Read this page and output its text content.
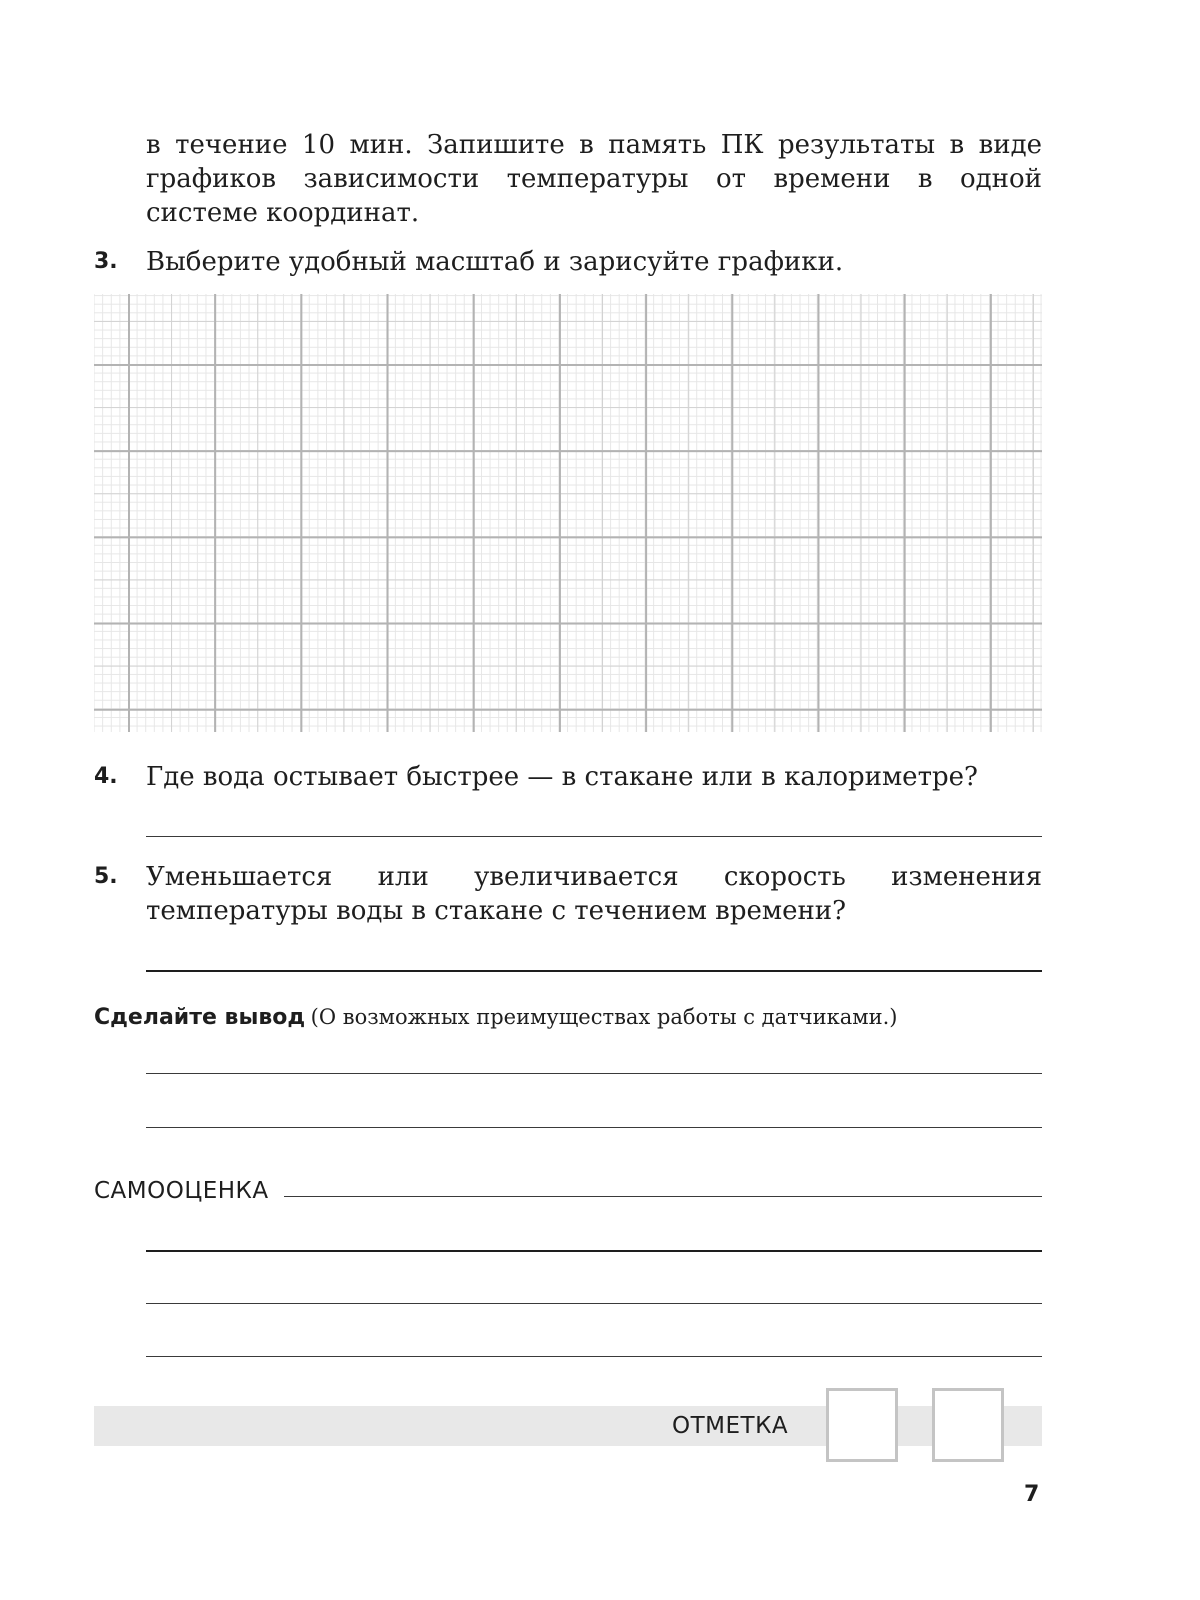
в течение 10 мин. Запишите в память ПК результаты в виде графиков зависимости температуры от времени в одной системе координат.

3. Выберите удобный масштаб и зарисуйте графики.

4. Где вода остывает быстрее — в стакане или в калориметре?

5. Уменьшается или увеличивается скорость изменения температуры воды в стакане с течением времени?

Сделайте вывод (О возможных преимуществах работы с датчиками.)
САМООЦЕНКА
ОТМЕТКА
7
